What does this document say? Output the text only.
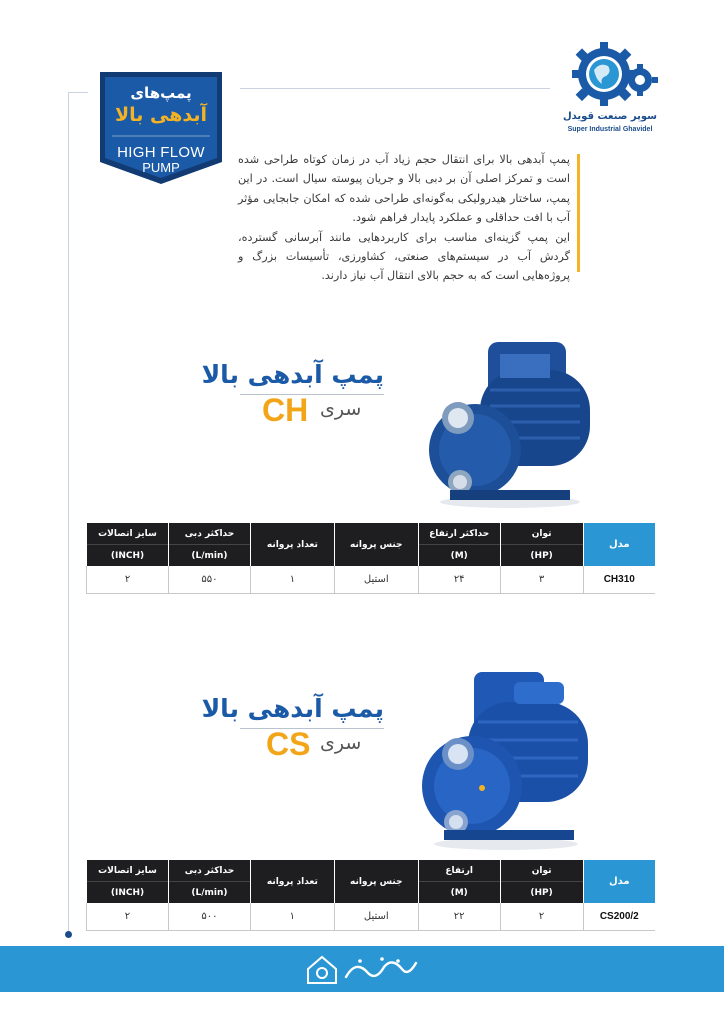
پمپ‌های
آبدهی بالا
HIGH FLOW
PUMP
سوپر صنعت قویدل
Super Industrial Ghavidel
پمپ آبدهی بالا برای انتقال حجم زیاد آب در زمان کوتاه طراحی شده است و تمرکز اصلی آن بر دبی بالا و جریان پیوسته سیال است. در این پمپ، ساختار هیدرولیکی به‌گونه‌ای طراحی شده که امکان جابجایی مؤثر آب با افت حداقلی و عملکرد پایدار فراهم شود.
این پمپ گزینه‌ای مناسب برای کاربردهایی مانند آبرسانی گسترده، گردش آب در سیستم‌های صنعتی، کشاورزی، تأسیسات بزرگ و پروژه‌هایی است که به حجم بالای انتقال آب نیاز دارند.
پمپ آبدهی بالا
CH سری
مدل	توان	حداکثر ارتفاع	جنس پروانه	تعداد پروانه	حداکثر دبی	سایز اتصالات
	(HP)	(M)			(L/min)	(INCH)
CH310	۳	۲۴	استیل	۱	۵۵۰	۲
پمپ آبدهی بالا
CS سری
مدل	توان	ارتفاع	جنس پروانه	تعداد پروانه	حداکثر دبی	سایز اتصالات
	(HP)	(M)			(L/min)	(INCH)
CS200/2	۲	۲۲	استیل	۱	۵۰۰	۲
